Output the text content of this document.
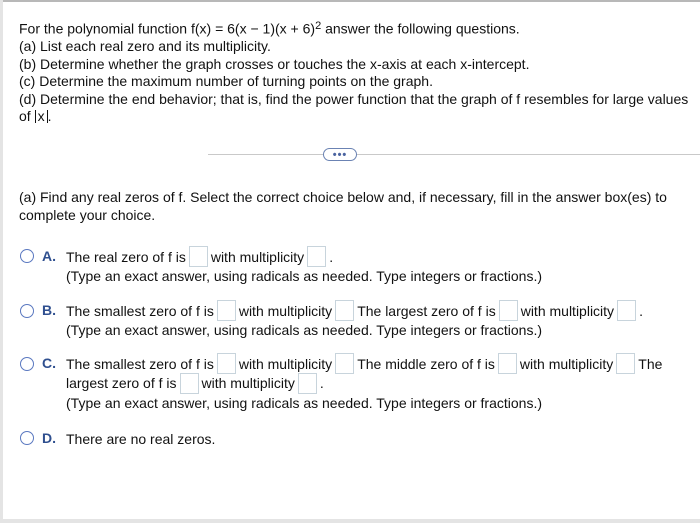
For the polynomial function $f(x) = 6(x - 1)(x + 6)^2$ answer the following questions.
(a) List each real zero and its multiplicity.
(b) Determine whether the graph crosses or touches the x-axis at each x-intercept.
(c) Determine the maximum number of turning points on the graph.
(d) Determine the end behavior; that is, find the power function that the graph of f resembles for large values
of x .
•••
(a) Find any real zeros of f. Select the correct choice below and, if necessary, fill in the answer box(es) to
complete your choice.
A. The real zero of f is with multiplicity .
(Type an exact answer, using radicals as needed. Type integers or fractions.)
B. The smallest zero of f is with multiplicity The largest zero of f is with multiplicity .
(Type an exact answer, using radicals as needed. Type integers or fractions.)
C. The smallest zero of f is with multiplicity The middle zero of f is with multiplicity The
largest zero of f is with multiplicity .
(Type an exact answer, using radicals as needed. Type integers or fractions.)
D. There are no real zeros.
